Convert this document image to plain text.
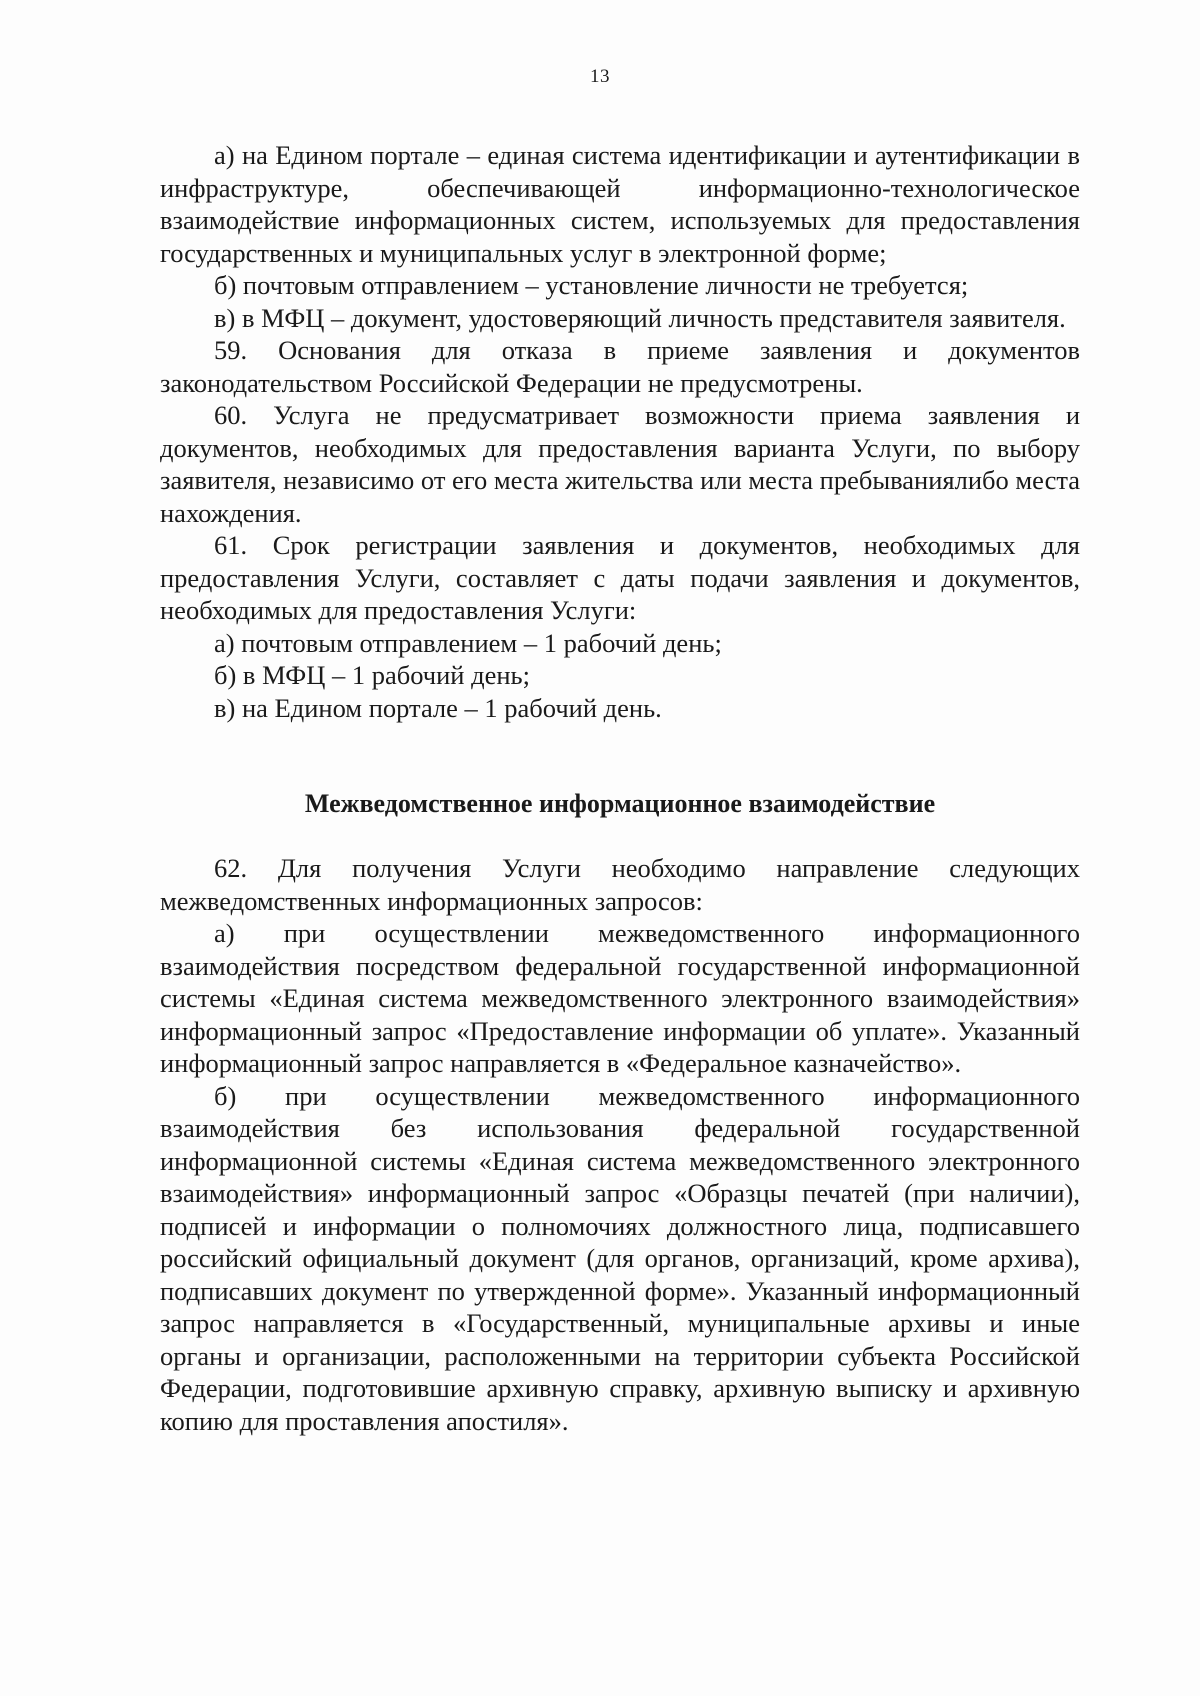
13

а) на Едином портале – единая система идентификации и аутентификации в инфраструктуре, обеспечивающей информационно-технологическое взаимодействие информационных систем, используемых для предоставления государственных и муниципальных услуг в электронной форме;

б) почтовым отправлением – установление личности не требуется;

в) в МФЦ – документ, удостоверяющий личность представителя заявителя.

59. Основания для отказа в приеме заявления и документов законодательством Российской Федерации не предусмотрены.

60. Услуга не предусматривает возможности приема заявления и документов, необходимых для предоставления варианта Услуги, по выбору заявителя, независимо от его места жительства или места пребываниялибо места нахождения.

61. Срок регистрации заявления и документов, необходимых для предоставления Услуги, составляет с даты подачи заявления и документов, необходимых для предоставления Услуги:

а) почтовым отправлением – 1 рабочий день;

б) в МФЦ – 1 рабочий день;

в) на Едином портале – 1 рабочий день.

Межведомственное информационное взаимодействие

62. Для получения Услуги необходимо направление следующих межведомственных информационных запросов:

а) при осуществлении межведомственного информационного взаимодействия посредством федеральной государственной информационной системы «Единая система межведомственного электронного взаимодействия» информационный запрос «Предоставление информации об уплате». Указанный информационный запрос направляется в «Федеральное казначейство».

б) при осуществлении межведомственного информационного взаимодействия без использования федеральной государственной информационной системы «Единая система межведомственного электронного взаимодействия» информационный запрос «Образцы печатей (при наличии), подписей и информации о полномочиях должностного лица, подписавшего российский официальный документ (для органов, организаций, кроме архива), подписавших документ по утвержденной форме». Указанный информационный запрос направляется в «Государственный, муниципальные архивы и иные органы и организации, расположенными на территории субъекта Российской Федерации, подготовившие архивную справку, архивную выписку и архивную копию для проставления апостиля».
